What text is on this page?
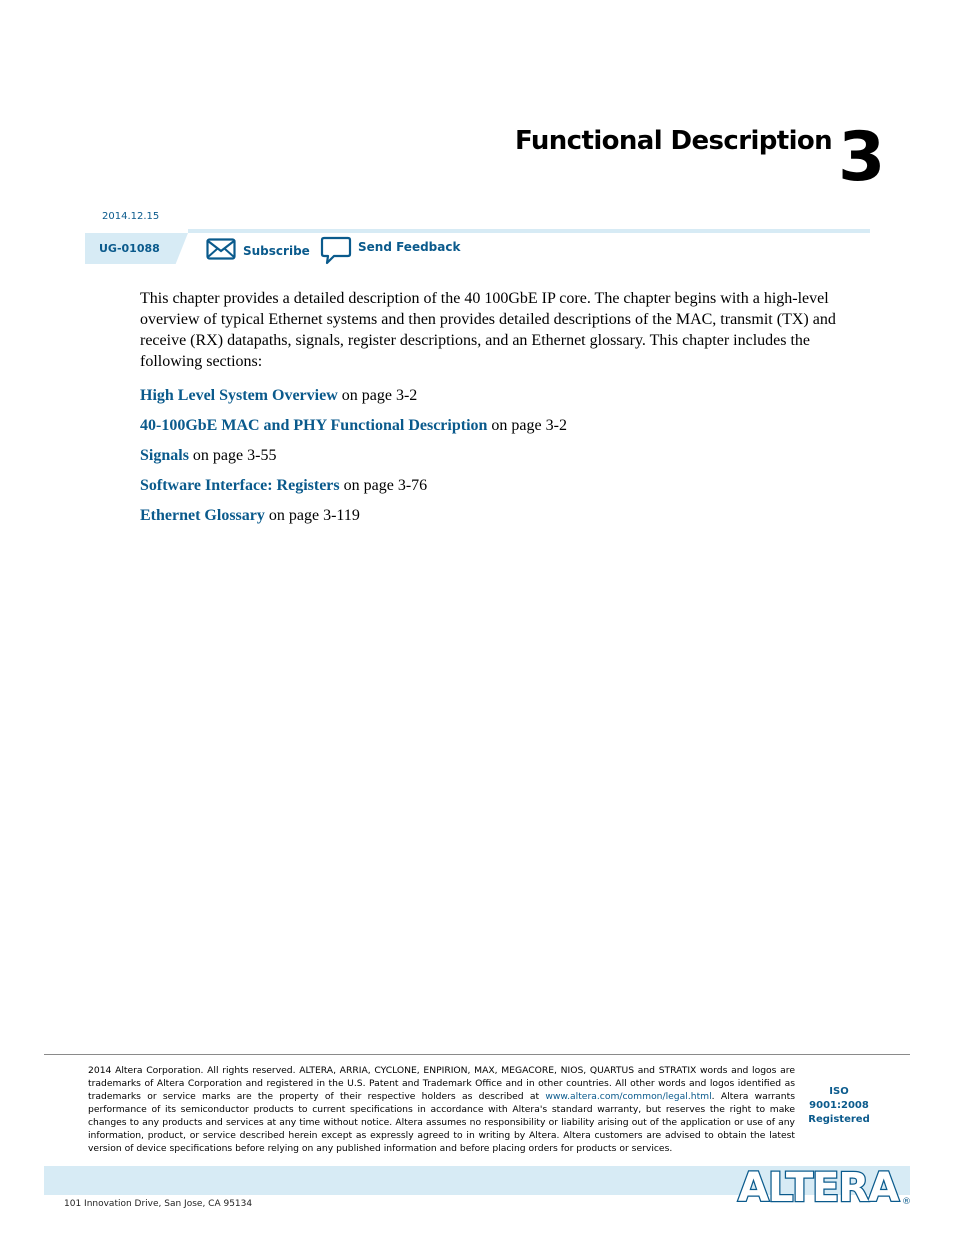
Functional Description 3
2014.12.15
UG-01088	Subscribe	Send Feedback

This chapter provides a detailed description of the 40 100GbE IP core. The chapter begins with a high-level overview of typical Ethernet systems and then provides detailed descriptions of the MAC, transmit (TX) and receive (RX) datapaths, signals, register descriptions, and an Ethernet glossary. This chapter includes the following sections:

High Level System Overview on page 3-2
40-100GbE MAC and PHY Functional Description on page 3-2
Signals on page 3-55
Software Interface: Registers on page 3-76
Ethernet Glossary on page 3-119

2014 Altera Corporation. All rights reserved. ALTERA, ARRIA, CYCLONE, ENPIRION, MAX, MEGACORE, NIOS, QUARTUS and STRATIX words and logos are trademarks of Altera Corporation and registered in the U.S. Patent and Trademark Office and in other countries. All other words and logos identified as trademarks or service marks are the property of their respective holders as described at www.altera.com/common/legal.html. Altera warrants performance of its semiconductor products to current specifications in accordance with Altera's standard warranty, but reserves the right to make changes to any products and services at any time without notice. Altera assumes no responsibility or liability arising out of the application or use of any information, product, or service described herein except as expressly agreed to in writing by Altera. Altera customers are advised to obtain the latest version of device specifications before relying on any published information and before placing orders for products or services.

ISO
9001:2008
Registered
101 Innovation Drive, San Jose, CA 95134	ALTERA ®
